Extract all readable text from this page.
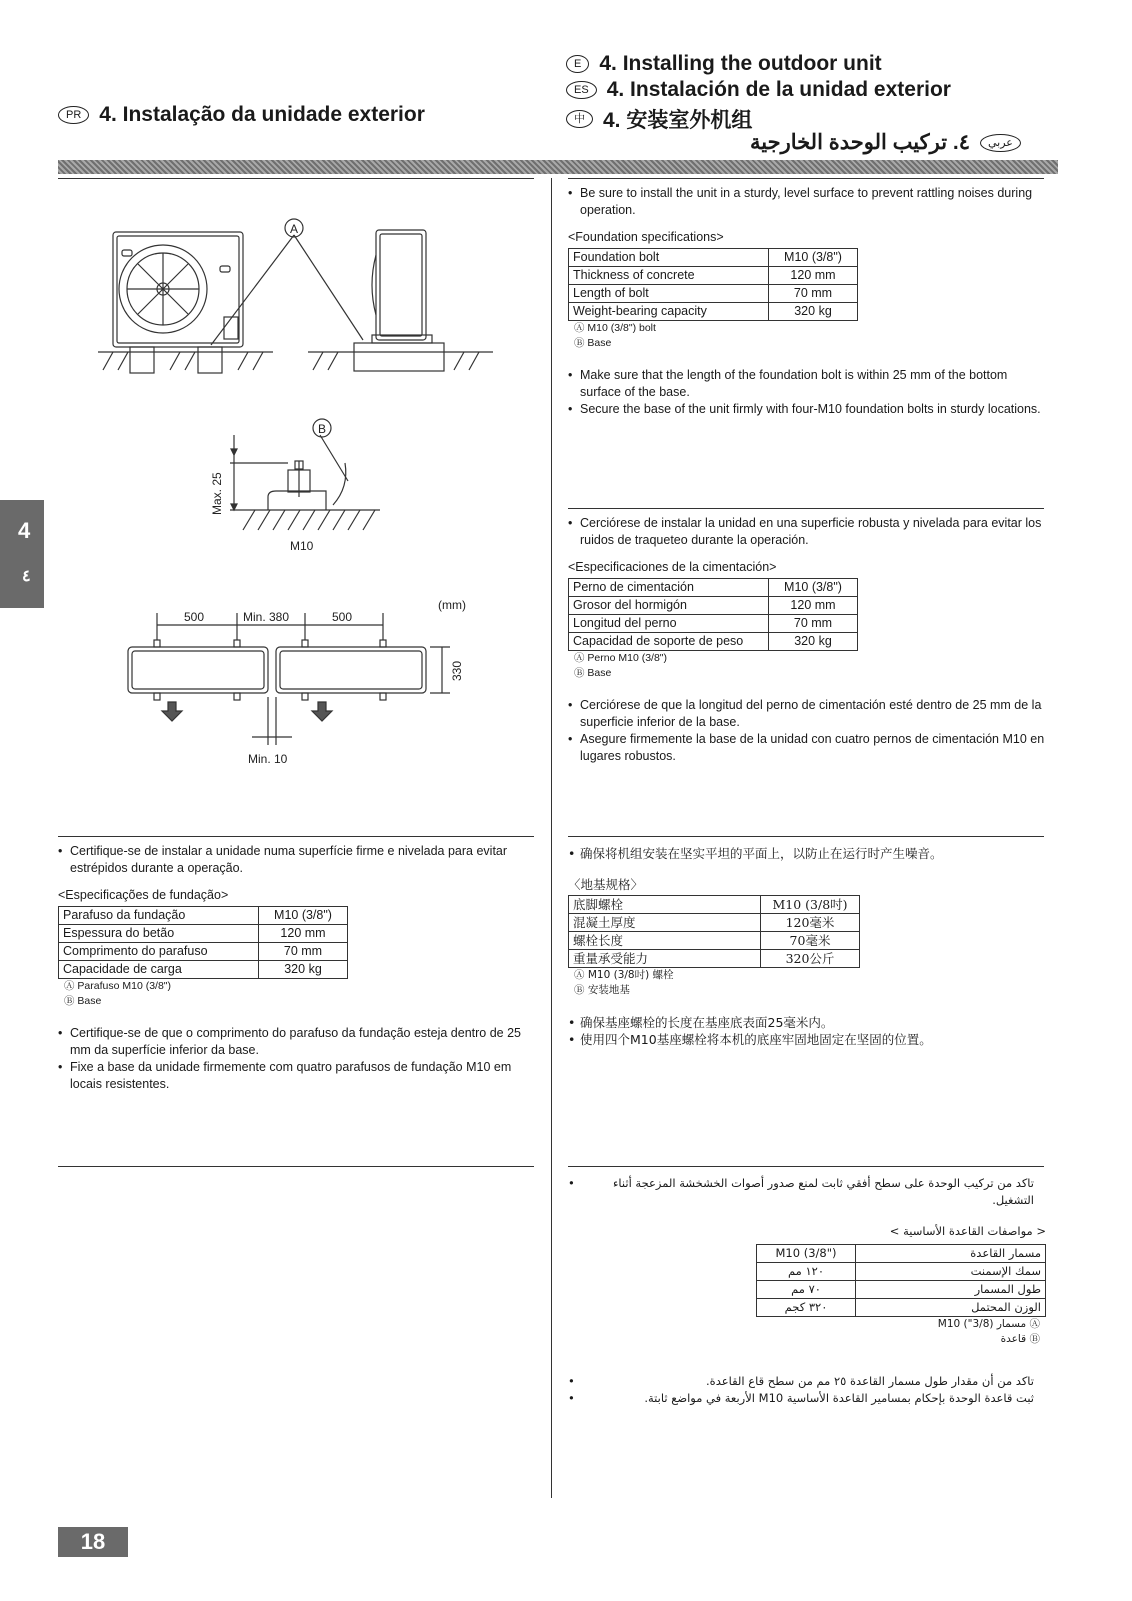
PR 4. Instalação da unidade exterior
E 4. Installing the outdoor unit
ES 4. Instalación de la unidad exterior
中 4. 安装室外机组
عربي
٤. تركيب الوحدة الخارجية
4
٤
A
B
Max. 25
M10
(mm)
500	Min. 380	500
330
Min. 10
• Be sure to install the unit in a sturdy, level surface to prevent rattling noises during operation.
<Foundation specifications>
Foundation bolt	M10 (3/8")
Thickness of concrete	120 mm
Length of bolt	70 mm
Weight-bearing capacity	320 kg
Ⓐ M10 (3/8") bolt
Ⓑ Base
• Make sure that the length of the foundation bolt is within 25 mm of the bottom surface of the base.
• Secure the base of the unit firmly with four-M10 foundation bolts in sturdy locations.
• Cerciórese de instalar la unidad en una superficie robusta y nivelada para evitar los ruidos de traqueteo durante la operación.
<Especificaciones de la cimentación>
Perno de cimentación	M10 (3/8")
Grosor del hormigón	120 mm
Longitud del perno	70 mm
Capacidad de soporte de peso	320 kg
Ⓐ Perno M10 (3/8")
Ⓑ Base
• Cerciórese de que la longitud del perno de cimentación esté dentro de 25 mm de la superficie inferior de la base.
• Asegure firmemente la base de la unidad con cuatro pernos de cimentación M10 en lugares robustos.
• Certifique-se de instalar a unidade numa superfície firme e nivelada para evitar estrépidos durante a operação.
<Especificações de fundação>
Parafuso da fundação	M10 (3/8")
Espessura do betão	120 mm
Comprimento do parafuso	70 mm
Capacidade de carga	320 kg
Ⓐ Parafuso M10 (3/8")
Ⓑ Base
• Certifique-se de que o comprimento do parafuso da fundação esteja dentro de 25 mm da superfície inferior da base.
• Fixe a base da unidade firmemente com quatro parafusos de fundação M10 em locais resistentes.
• 确保将机组安装在坚实平坦的平面上，以防止在运行时产生噪音。
〈地基规格〉
底脚螺栓	M10 (3/8吋)
混凝土厚度	120毫米
螺栓长度	70毫米
重量承受能力	320公斤
Ⓐ M10 (3/8吋) 螺栓
Ⓑ 安装地基
• 确保基座螺栓的长度在基座底表面25毫米内。
• 使用四个M10基座螺栓将本机的底座牢固地固定在坚固的位置。
• تاكد من تركيب الوحدة على سطح أفقي ثابت لمنع صدور أصوات الخشخشة المزعجة أثناء التشغيل.
< مواصفات القاعدة الأساسية >
مسمار القاعدة	M10 (3/8")
سمك الإسمنت	١٢٠ مم
طول المسمار	٧٠ مم
الوزن المحتمل	٣٢٠ كجم
Ⓐ مسمار (3/8") M10
Ⓑ قاعدة
• تاكد من أن مقدار طول مسمار القاعدة ٢٥ مم من سطح قاع القاعدة.
• ثبت قاعدة الوحدة بإحكام بمسامير القاعدة الأساسية M10 الأربعة في مواضع ثابتة.
18
